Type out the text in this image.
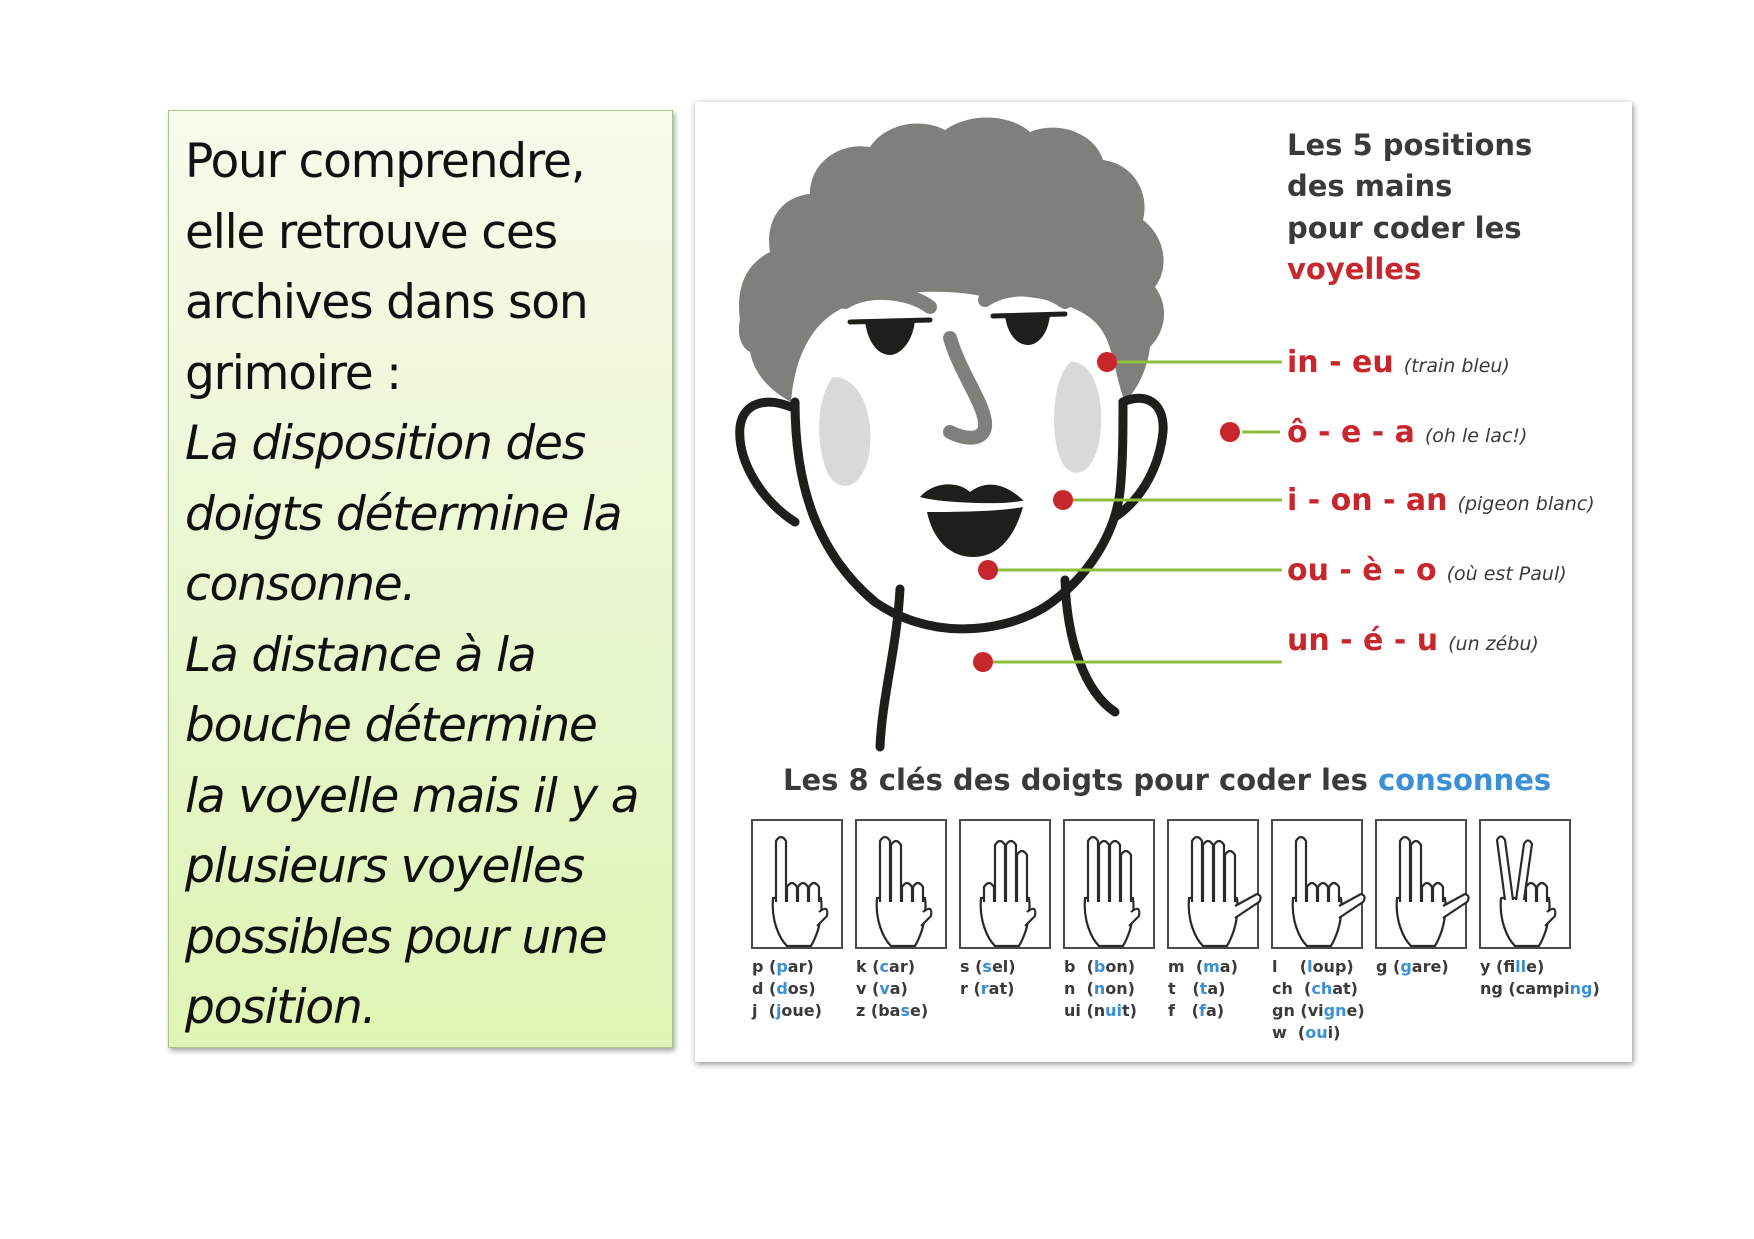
Pour comprendre,
elle retrouve ces
archives dans son
grimoire :
La disposition des
doigts détermine la
consonne.
La distance à la
bouche détermine
la voyelle mais il y a
plusieurs voyelles
possibles pour une
position.
Les 5 positions
des mains
pour coder les
voyelles
in - eu (train bleu)
ô - e - a (oh le lac!)
i - on - an (pigeon blanc)
ou - è - o (où est Paul)
un - é - u (un zébu)
Les 8 clés des doigts pour coder les consonnes
p (par)
d (dos)
j  (joue)
k (car)
v (va)
z (base)
s (sel)
r (rat)
b  (bon)
n  (non)
ui (nuit)
m  (ma)
t   (ta)
f   (fa)
l    (loup)
ch  (chat)
gn (vigne)
w  (oui)
g (gare) y (fille)
ng (camping)
